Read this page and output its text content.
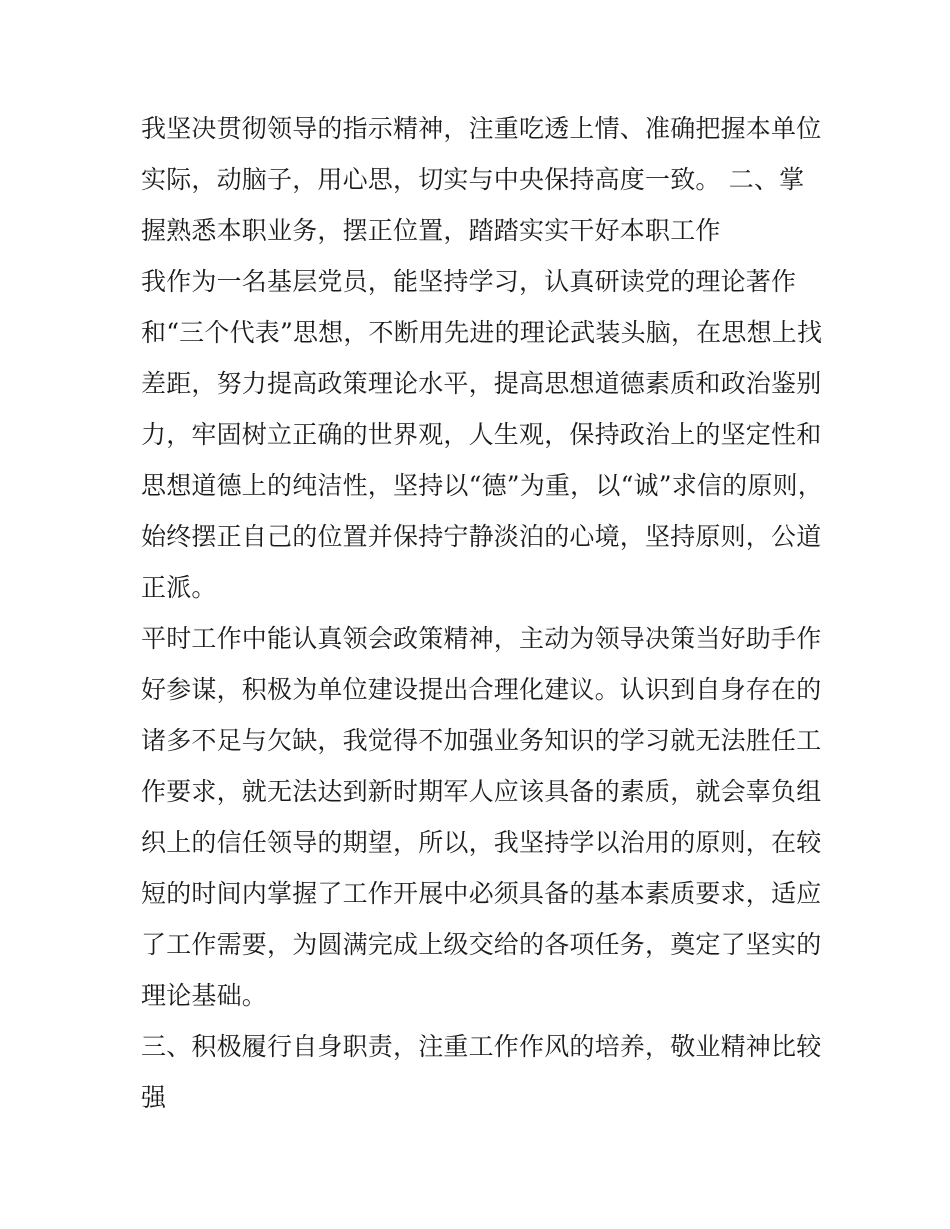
我坚决贯彻领导的指示精神，注重吃透上情、准确把握本单位
实际，动脑子，用心思，切实与中央保持高度一致。 二、掌
握熟悉本职业务，摆正位置，踏踏实实干好本职工作
我作为一名基层党员，能坚持学习，认真研读党的理论著作
和“三个代表”思想，不断用先进的理论武装头脑，在思想上找
差距，努力提高政策理论水平，提高思想道德素质和政治鉴别
力，牢固树立正确的世界观，人生观，保持政治上的坚定性和
思想道德上的纯洁性，坚持以“德”为重，以“诚”求信的原则，
始终摆正自己的位置并保持宁静淡泊的心境，坚持原则，公道
正派。
平时工作中能认真领会政策精神，主动为领导决策当好助手作
好参谋，积极为单位建设提出合理化建议。认识到自身存在的
诸多不足与欠缺，我觉得不加强业务知识的学习就无法胜任工
作要求，就无法达到新时期军人应该具备的素质，就会辜负组
织上的信任领导的期望，所以，我坚持学以治用的原则，在较
短的时间内掌握了工作开展中必须具备的基本素质要求，适应
了工作需要，为圆满完成上级交给的各项任务，奠定了坚实的
理论基础。
三、积极履行自身职责，注重工作作风的培养，敬业精神比较
强
